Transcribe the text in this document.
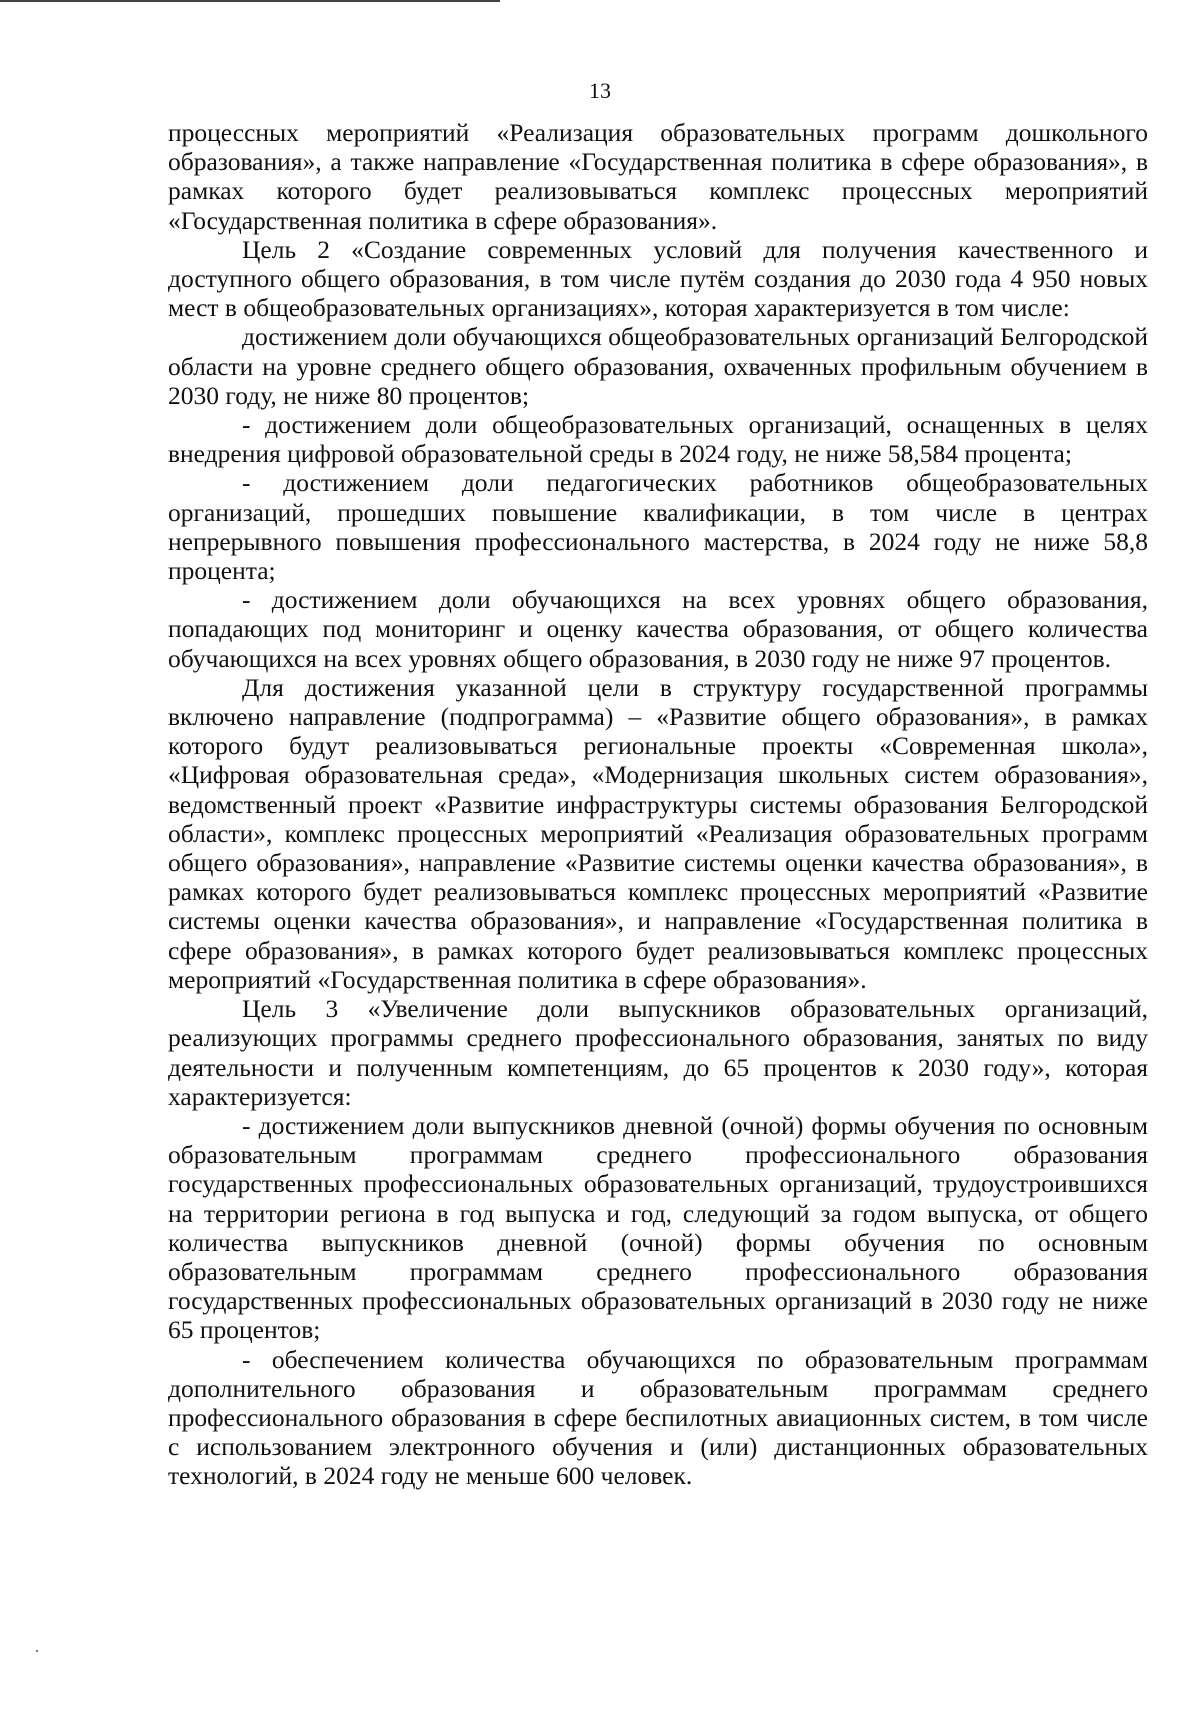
13

процессных мероприятий «Реализация образовательных программ дошкольного образования», а также направление «Государственная политика в сфере образования», в рамках которого будет реализовываться комплекс процессных мероприятий «Государственная политика в сфере образования».

Цель 2 «Создание современных условий для получения качественного и доступного общего образования, в том числе путём создания до 2030 года 4 950 новых мест в общеобразовательных организациях», которая характеризуется в том числе:

достижением доли обучающихся общеобразовательных организаций Белгородской области на уровне среднего общего образования, охваченных профильным обучением в 2030 году, не ниже 80 процентов;

- достижением доли общеобразовательных организаций, оснащенных в целях внедрения цифровой образовательной среды в 2024 году, не ниже 58,584 процента;

- достижением доли педагогических работников общеобразовательных организаций, прошедших повышение квалификации, в том числе в центрах непрерывного повышения профессионального мастерства, в 2024 году не ниже 58,8 процента;

- достижением доли обучающихся на всех уровнях общего образования, попадающих под мониторинг и оценку качества образования, от общего количества обучающихся на всех уровнях общего образования, в 2030 году не ниже 97 процентов.

Для достижения указанной цели в структуру государственной программы включено направление (подпрограмма) – «Развитие общего образования», в рамках которого будут реализовываться региональные проекты «Современная школа», «Цифровая образовательная среда», «Модернизация школьных систем образования», ведомственный проект «Развитие инфраструктуры системы образования Белгородской области», комплекс процессных мероприятий «Реализация образовательных программ общего образования», направление «Развитие системы оценки качества образования», в рамках которого будет реализовываться комплекс процессных мероприятий «Развитие системы оценки качества образования», и направление «Государственная политика в сфере образования», в рамках которого будет реализовываться комплекс процессных мероприятий «Государственная политика в сфере образования».

Цель 3 «Увеличение доли выпускников образовательных организаций, реализующих программы среднего профессионального образования, занятых по виду деятельности и полученным компетенциям, до 65 процентов к 2030 году», которая характеризуется:

- достижением доли выпускников дневной (очной) формы обучения по основным образовательным программам среднего профессионального образования государственных профессиональных образовательных организаций, трудоустроившихся на территории региона в год выпуска и год, следующий за годом выпуска, от общего количества выпускников дневной (очной) формы обучения по основным образовательным программам среднего профессионального образования государственных профессиональных образовательных организаций в 2030 году не ниже 65 процентов;

- обеспечением количества обучающихся по образовательным программам дополнительного образования и образовательным программам среднего профессионального образования в сфере беспилотных авиационных систем, в том числе с использованием электронного обучения и (или) дистанционных образовательных технологий, в 2024 году не меньше 600 человек.
